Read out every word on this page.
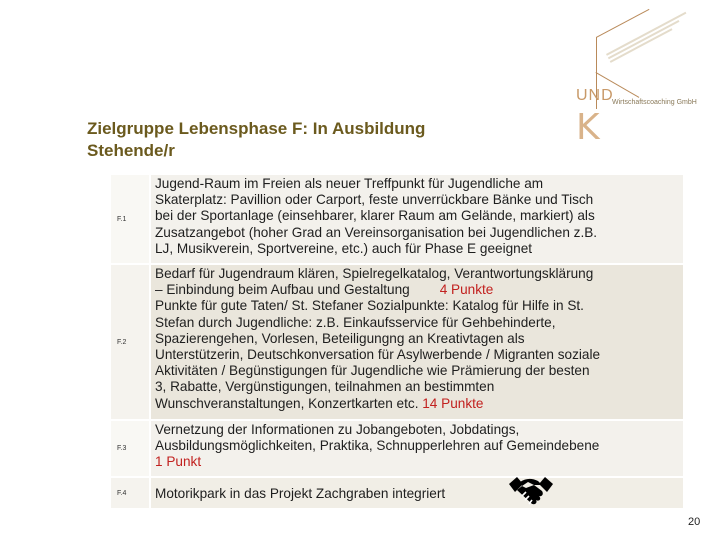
Zielgruppe Lebensphase F: In Ausbildung
Stehende/r
UND
Wirtschaftscoaching GmbH
K
F.1
Jugend-Raum im Freien als neuer Treffpunkt für Jugendliche am
Skaterplatz: Pavillion oder Carport, feste unverrückbare Bänke und Tisch
bei der Sportanlage (einsehbarer, klarer Raum am Gelände, markiert) als
Zusatzangebot (hoher Grad an Vereinsorganisation bei Jugendlichen z.B.
LJ, Musikverein, Sportvereine, etc.) auch für Phase E geeignet
F.2
Bedarf für Jugendraum klären, Spielregelkatalog, Verantwortungsklärung
– Einbindung beim Aufbau und Gestaltung 4 Punkte
Punkte für gute Taten/ St. Stefaner Sozialpunkte: Katalog für Hilfe in St.
Stefan durch Jugendliche: z.B. Einkaufsservice für Gehbehinderte,
Spazierengehen, Vorlesen, Beteiligungng an Kreativtagen als
Unterstützerin, Deutschkonversation für Asylwerbende / Migranten soziale
Aktivitäten / Begünstigungen für Jugendliche wie Prämierung der besten
3, Rabatte, Vergünstigungen, teilnahmen an bestimmten
Wunschveranstaltungen, Konzertkarten etc. 14 Punkte
F.3
Vernetzung der Informationen zu Jobangeboten, Jobdatings,
Ausbildungsmöglichkeiten, Praktika, Schnupperlehren auf Gemeindebene
1 Punkt
F.4	Motorikpark in das Projekt Zachgraben integriert
20
